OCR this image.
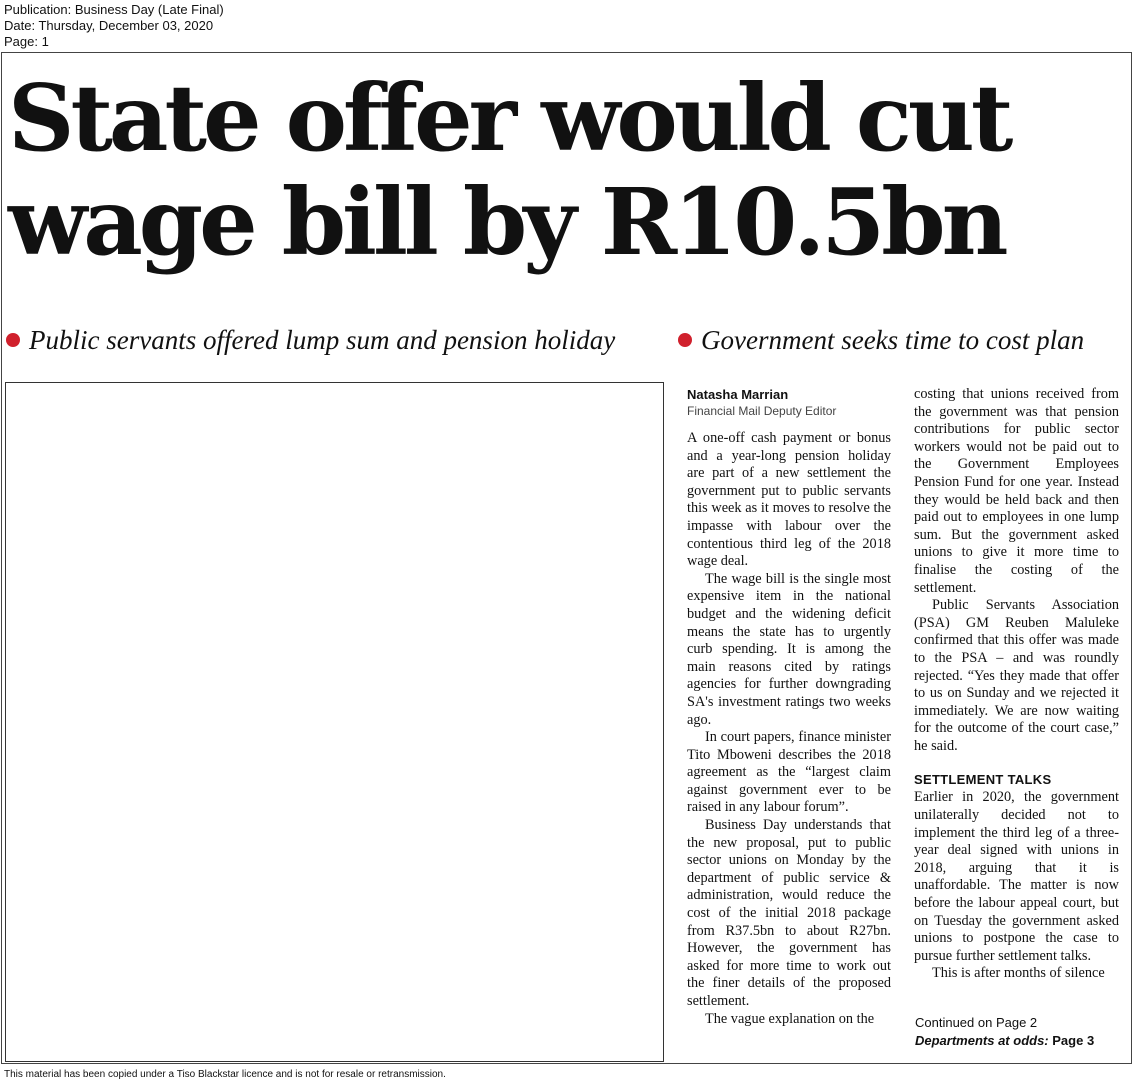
Publication: Business Day (Late Final)
Date: Thursday, December 03, 2020
Page: 1
State offer would cut
wage bill by R10.5bn
Public servants offered lump sum and pension holiday	Government seeks time to cost plan
Natasha Marrian
Financial Mail Deputy Editor

A one-off cash payment or bonus and a year-long pension holiday are part of a new settlement the government put to public servants this week as it moves to resolve the impasse with labour over the contentious third leg of the 2018 wage deal.

The wage bill is the single most expensive item in the national budget and the widening deficit means the state has to urgently curb spending. It is among the main reasons cited by ratings agencies for further downgrading SA's investment ratings two weeks ago.

In court papers, finance minister Tito Mboweni describes the 2018 agreement as the “largest claim against government ever to be raised in any labour forum”.

Business Day understands that the new proposal, put to public sector unions on Monday by the department of public service & administration, would reduce the cost of the initial 2018 package from R37.5bn to about R27bn. However, the government has asked for more time to work out the finer details of the proposed settlement.

The vague explanation on the

costing that unions received from the government was that pension contributions for public sector workers would not be paid out to the Government Employees Pension Fund for one year. Instead they would be held back and then paid out to employees in one lump sum. But the government asked unions to give it more time to finalise the costing of the settlement.

Public Servants Association (PSA) GM Reuben Maluleke confirmed that this offer was made to the PSA – and was roundly rejected. “Yes they made that offer to us on Sunday and we rejected it immediately. We are now waiting for the outcome of the court case,” he said.

SETTLEMENT TALKS

Earlier in 2020, the government unilaterally decided not to implement the third leg of a three-year deal signed with unions in 2018, arguing that it is unaffordable. The matter is now before the labour appeal court, but on Tuesday the government asked unions to postpone the case to pursue further settlement talks.

This is after months of silence

Continued on Page 2
Departments at odds: Page 3
This material has been copied under a Tiso Blackstar licence and is not for resale or retransmission.
